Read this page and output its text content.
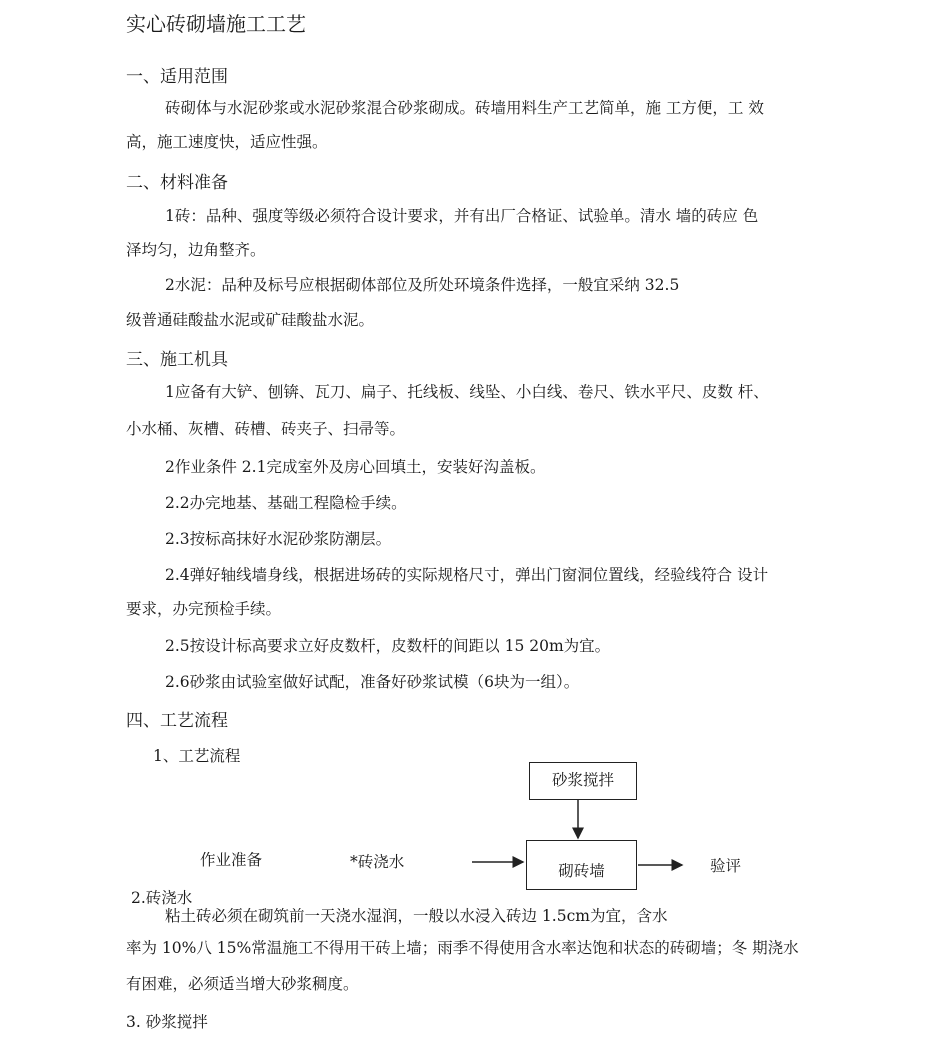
实心砖砌墙施工工艺
一、适用范围
砖砌体与水泥砂浆或水泥砂浆混合砂浆砌成。砖墙用料生产工艺简单，施 工方便，工 效
高，施工速度快，适应性强。
二、材料准备
1砖：品种、强度等级必须符合设计要求，并有出厂合格证、试验单。清水 墙的砖应 色
泽均匀，边角整齐。
2水泥：品种及标号应根据砌体部位及所处环境条件选择，一般宜采纳 32.5
级普通硅酸盐水泥或矿硅酸盐水泥。
三、施工机具
1应备有大铲、刨锛、瓦刀、扁子、托线板、线坠、小白线、卷尺、铁水平尺、皮数 杆、
小水桶、灰槽、砖槽、砖夹子、扫帚等。
2作业条件 2.1完成室外及房心回填土，安装好沟盖板。
2.2办完地基、基础工程隐检手续。
2.3按标高抹好水泥砂浆防潮层。
2.4弹好轴线墙身线，根据进场砖的实际规格尺寸，弹出门窗洞位置线，经验线符合 设计
要求，办完预检手续。
2.5按设计标高要求立好皮数杆，皮数杆的间距以 15 20m为宜。
2.6砂浆由试验室做好试配，准备好砂浆试模（6块为一组）。
四、工艺流程
1、工艺流程
砂浆搅拌
砌砖墙
作业准备	*砖浇水	验评
2.砖浇水
粘土砖必须在砌筑前一天浇水湿润，一般以水浸入砖边 1.5cm为宜，含水
率为 10%八 15%常温施工不得用干砖上墙；雨季不得使用含水率达饱和状态的砖砌墙；冬 期浇水
有困难，必须适当增大砂浆稠度。
3. 砂浆搅拌
